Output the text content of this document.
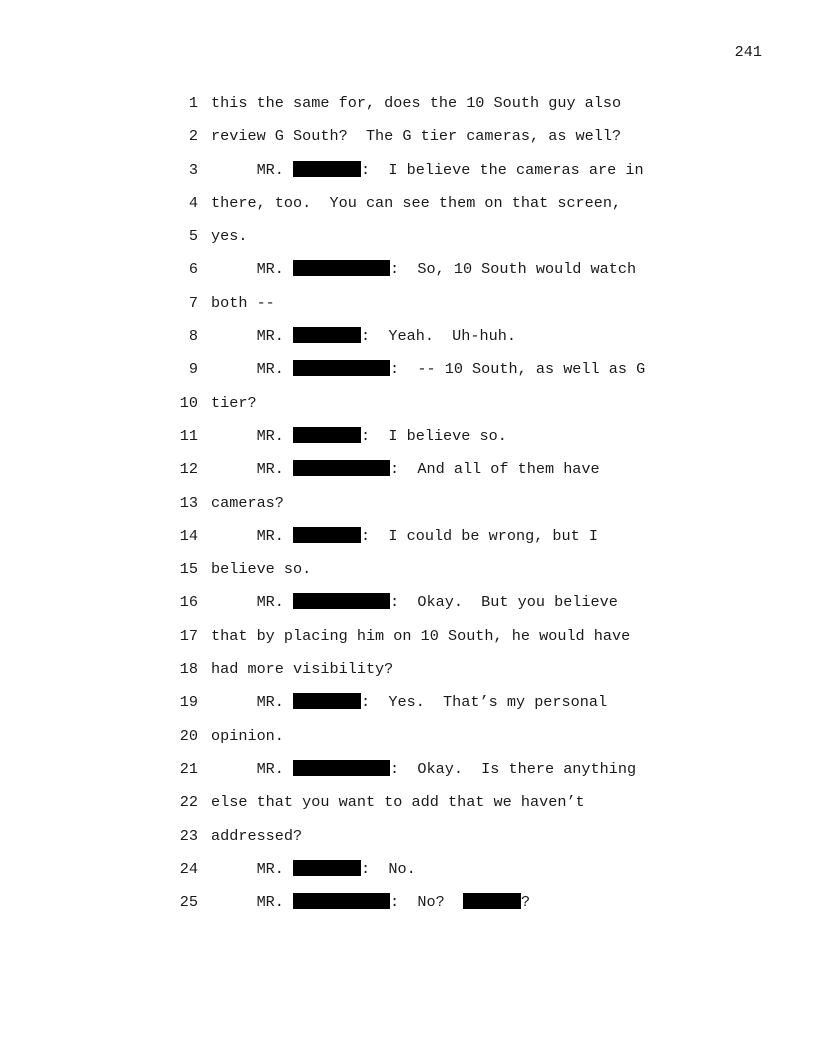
241
1 this the same for, does the 10 South guy also
2 review G South?  The G tier cameras, as well?
3 MR.	:  I believe the cameras are in
4 there, too.  You can see them on that screen,
5 yes.
6 MR.	:  So, 10 South would watch
7 both --
8 MR.	:  Yeah.  Uh-huh.
9 MR.	:  -- 10 South, as well as G
10 tier?
11 MR.	:  I believe so.
12 MR.	:  And all of them have
13 cameras?
14 MR.	:  I could be wrong, but I
15 believe so.
16 MR.	:  Okay.  But you believe
17 that by placing him on 10 South, he would have
18 had more visibility?
19 MR.	:  Yes.  That’s my personal
20 opinion.
21 MR.	:  Okay.  Is there anything
22 else that you want to add that we haven’t
23 addressed?
24 MR.	:  No.
25 MR.	:  No?	?
